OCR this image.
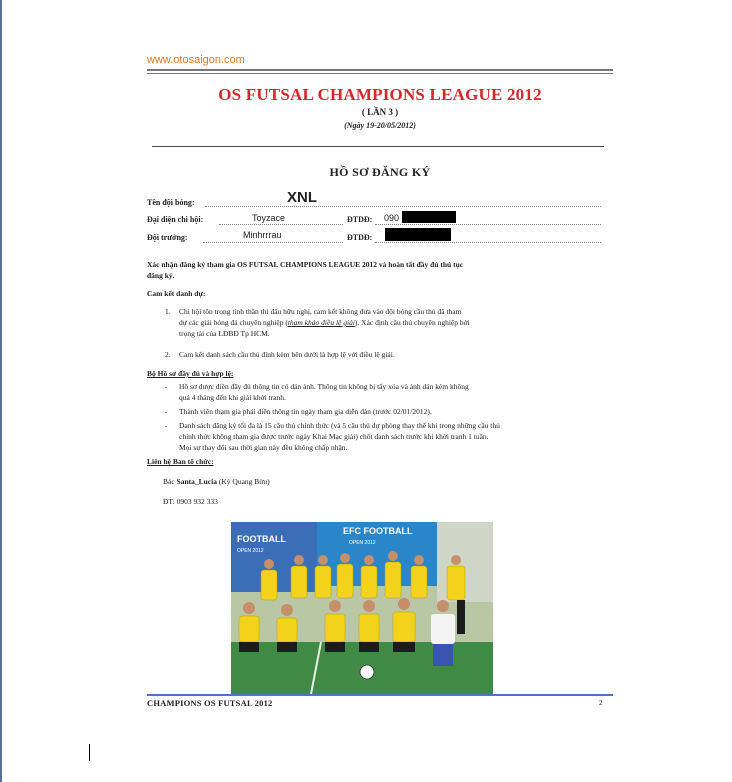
www.otosaigon.com
OS FUTSAL CHAMPIONS LEAGUE 2012
( LẦN 3 )
(Ngày 19-20/05/2012)
HỒ SƠ ĐĂNG KÝ
Tên đội bóng:	XNL
Đại diện chi hội:	Toyzace	ĐTDĐ: 090
Đội trưởng:	Minhrrrau	ĐTDĐ:
Xác nhận đăng ký tham gia OS FUTSAL CHAMPIONS LEAGUE 2012 và hoàn tất đầy đủ thủ tục
đăng ký.
Cam kết danh dự:
1. Chi hội tôn trọng tinh thần thi đấu hữu nghị, cam kết không đưa vào đội bóng cầu thủ đã tham
dự các giải bóng đá chuyên nghiệp (tham khảo điều lệ giải). Xác định cầu thủ chuyên nghiệp bởi
trọng tài của LĐBĐ Tp HCM.
2. Cam kết danh sách cầu thủ đính kèm bên dưới là hợp lệ với điều lệ giải.
Bộ Hồ sơ đầy đủ và hợp lệ:
- Hồ sơ được điền đầy đủ thông tin có dán ảnh. Thông tin không bị tẩy xóa và ảnh dán kèm không
quá 4 tháng đến khi giải khởi tranh.
- Thành viên tham gia phải điền thông tin ngày tham gia diễn đàn (trước 02/01/2012).
- Danh sách đăng ký tối đa là 15 cầu thủ chính thức (và 5 cầu thủ dự phòng thay thế khi trong những cầu thủ
chính thức không tham gia được trước ngày Khai Mạc giải) chốt danh sách trước khi khởi tranh 1 tuần.
Mọi sự thay đổi sau thời gian này đều không chấp nhận.
Liên hệ Ban tổ chức:
Bác Santa_Lucia (Kỳ Quang Bửu)
ĐT: 0903 932 333
FOOTBALL
OPEN 2012
EFC FOOTBALL
OPEN 2012
CHAMPIONS OS FUTSAL 2012	2
